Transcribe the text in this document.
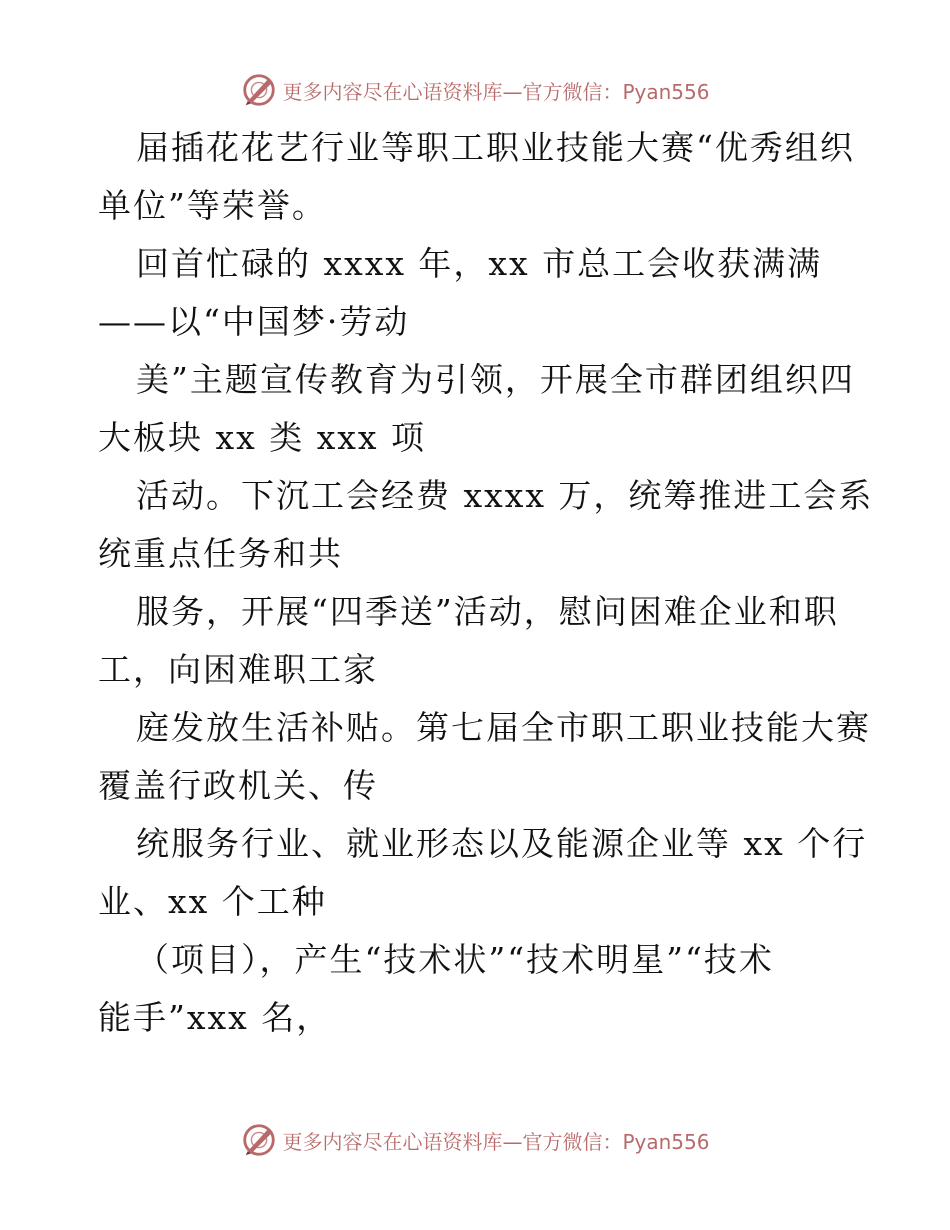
更多内容尽在心语资料库—官方微信：Pyan556
届插花花艺行业等职工职业技能大赛“优秀组织
单位”等荣誉。
回首忙碌的 xxxx 年，xx 市总工会收获满满
——以“中国梦·劳动
美”主题宣传教育为引领，开展全市群团组织四
大板块 xx 类 xxx 项
活动。下沉工会经费 xxxx 万，统筹推进工会系
统重点任务和共
服务，开展“四季送”活动，慰问困难企业和职
工，向困难职工家
庭发放生活补贴。第七届全市职工职业技能大赛
覆盖行政机关、传
统服务行业、就业形态以及能源企业等 xx 个行
业、xx 个工种
（项目），产生“技术状”“技术明星”“技术
能手”xxx 名，
更多内容尽在心语资料库—官方微信：Pyan556
